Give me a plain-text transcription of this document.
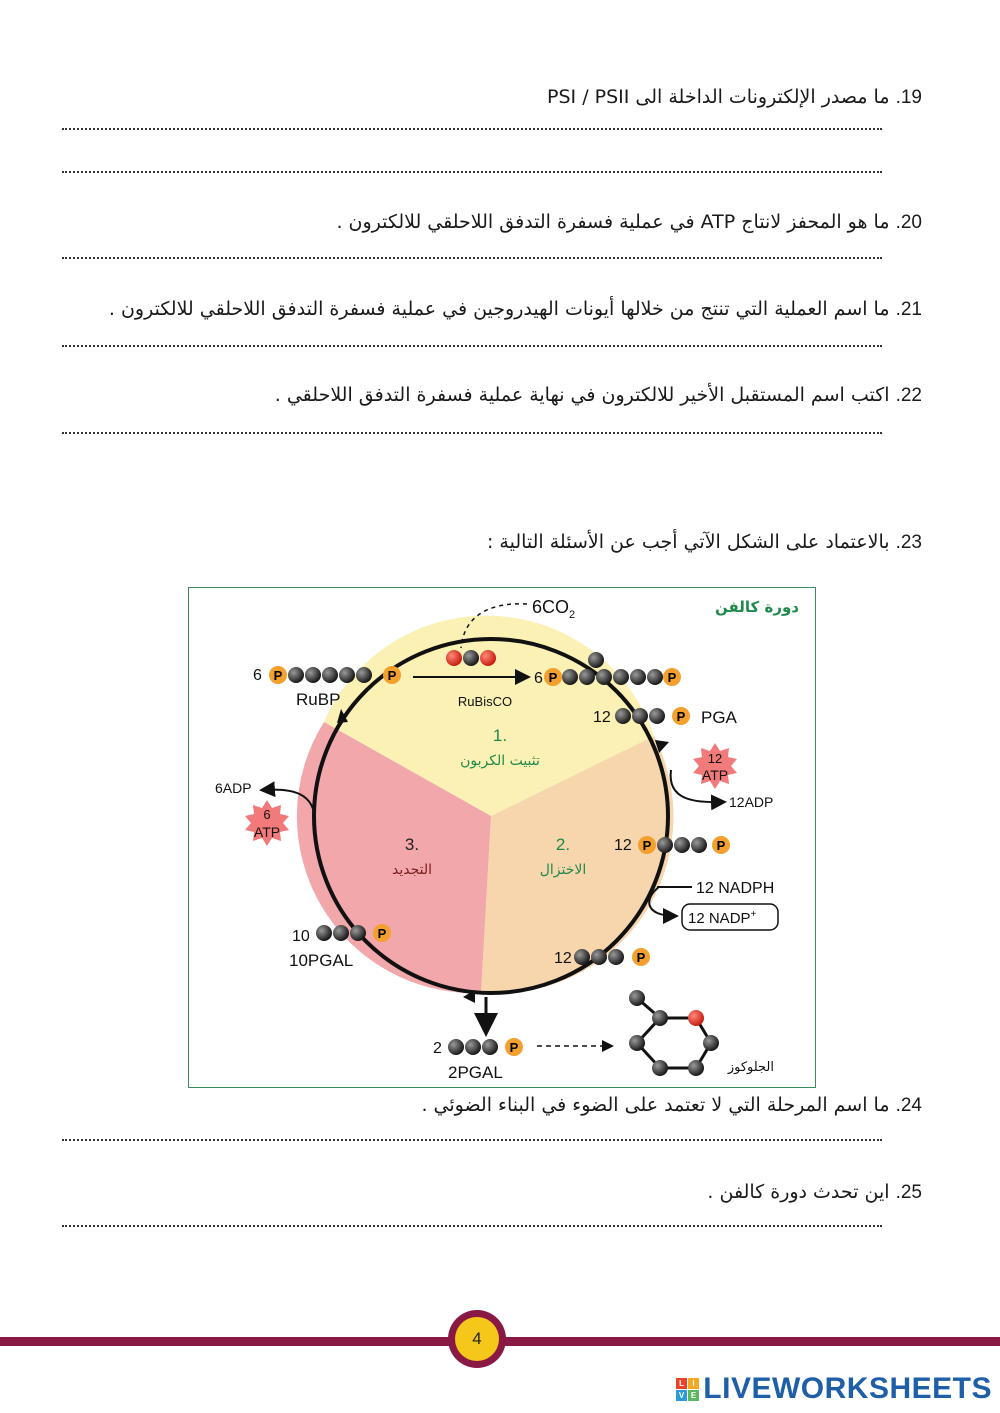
19. ما مصدر الإلكترونات الداخلة الى PSI / PSII
20. ما هو المحفز لانتاج ATP في عملية فسفرة التدفق اللاحلقي للالكترون .
21. ما اسم العملية التي تنتج من خلالها أيونات الهيدروجين في عملية فسفرة التدفق اللاحلقي للالكترون .
22. اكتب اسم المستقبل الأخير للالكترون في نهاية عملية فسفرة التدفق اللاحلقي .
23. بالاعتماد على الشكل الآتي أجب عن الأسئلة التالية :
دورة كالفن
1.
تثبيت الكربون
2.
الاختزال
3.
التجديد
$6CO_2$
6 P	P
RuBP	RuBisCO
6 P	P
12	P PGA
12
ATP
12ADP
12 P	P
12 NADPH
12 NADP+
12	P
6
ATP
6ADP
10	P
10PGAL
2	P
2PGAL	الجلوكوز
24. ما اسم المرحلة التي لا تعتمد على الضوء في البناء الضوئي .
25. اين تحدث دورة كالفن .
4
L I
V E LIVEWORKSHEETS
